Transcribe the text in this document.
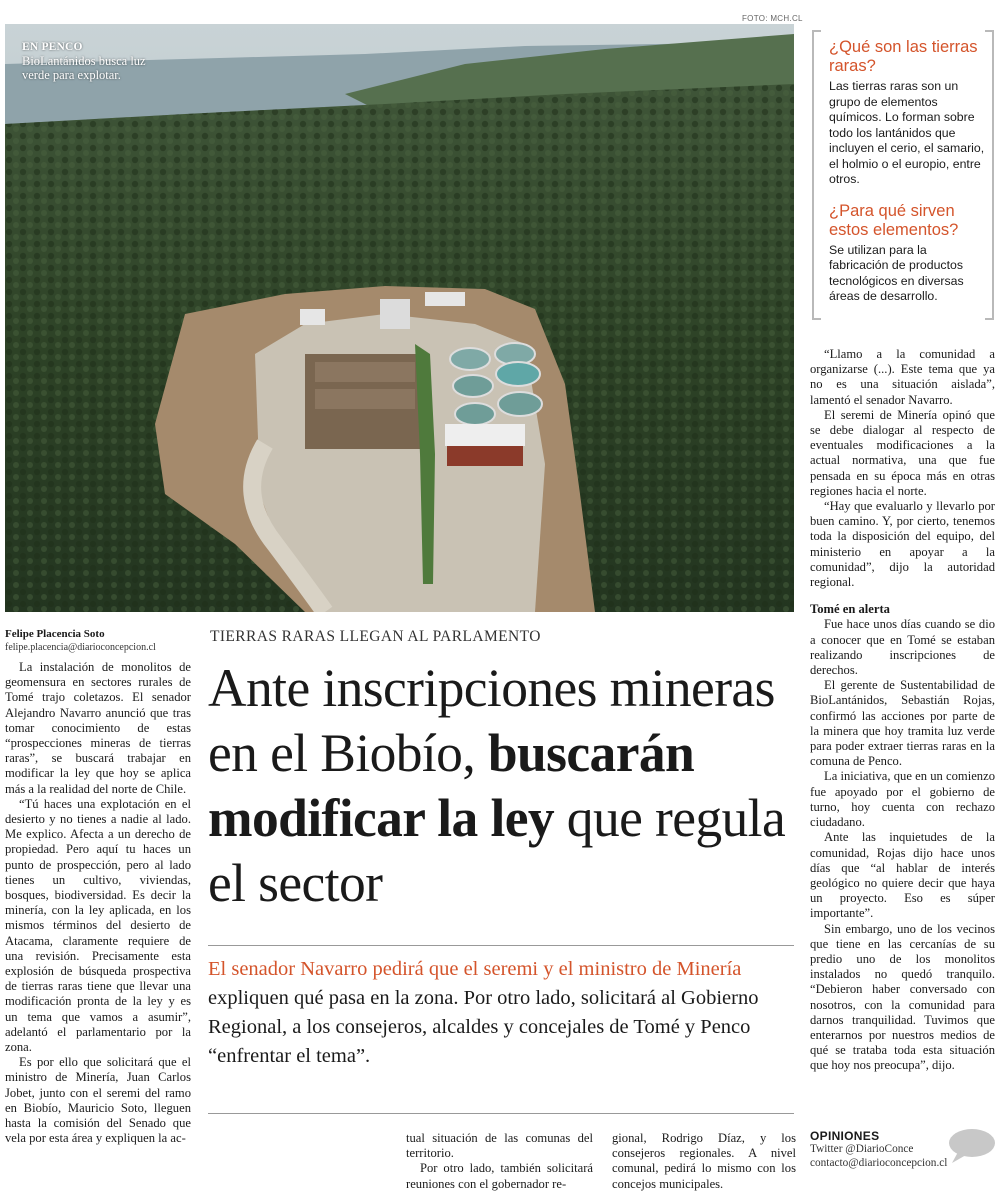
FOTO: MCH.CL
EN PENCO
BioLantánidos busca luz verde para explotar.
¿Qué son las tierras raras?

Las tierras raras son un grupo de elementos químicos. Lo forman sobre todo los lantánidos que incluyen el cerio, el samario, el holmio o el europio, entre otros.

¿Para qué sirven estos elementos?

Se utilizan para la fabricación de productos tecnológicos en diversas áreas de desarrollo.

Felipe Placencia Soto
felipe.placencia@diarioconcepcion.cl
TIERRAS RARAS LLEGAN AL PARLAMENTO
Ante inscripciones mineras en el Biobío, buscarán modificar la ley que regula el sector
El senador Navarro pedirá que el seremi y el ministro de Minería expliquen qué pasa en la zona. Por otro lado, solicitará al Gobierno Regional, a los consejeros, alcaldes y concejales de Tomé y Penco “enfrentar el tema”.

La instalación de monolitos de geomensura en sectores rurales de Tomé trajo coletazos. El senador Alejandro Navarro anunció que tras tomar conocimiento de estas “prospecciones mineras de tierras raras”, se buscará trabajar en modificar la ley que hoy se aplica más a la realidad del norte de Chile.

“Tú haces una explotación en el desierto y no tienes a nadie al lado. Me explico. Afecta a un derecho de propiedad. Pero aquí tu haces un punto de prospección, pero al lado tienes un cultivo, viviendas, bosques, biodiversidad. Es decir la minería, con la ley aplicada, en los mismos términos del desierto de Atacama, claramente requiere de una revisión. Precisamente esta explosión de búsqueda prospectiva de tierras raras tiene que llevar una modificación pronta de la ley y es un tema que vamos a asumir”, adelantó el parlamentario por la zona.

Es por ello que solicitará que el ministro de Minería, Juan Carlos Jobet, junto con el seremi del ramo en Biobío, Mauricio Soto, lleguen hasta la comisión del Senado que vela por esta área y expliquen la ac-	tual situación de las comunas del territorio.

Por otro lado, también solicitará reuniones con el gobernador re-

gional, Rodrigo Díaz, y los consejeros regionales. A nivel comunal, pedirá lo mismo con los concejos municipales.

“Llamo a la comunidad a organizarse (...). Este tema que ya no es una situación aislada”, lamentó el senador Navarro.

El seremi de Minería opinó que se debe dialogar al respecto de eventuales modificaciones a la actual normativa, una que fue pensada en su época más en otras regiones hacia el norte.

“Hay que evaluarlo y llevarlo por buen camino. Y, por cierto, tenemos toda la disposición del equipo, del ministerio en apoyar a la comunidad”, dijo la autoridad regional.

Tomé en alerta

Fue hace unos días cuando se dio a conocer que en Tomé se estaban realizando inscripciones de derechos.

El gerente de Sustentabilidad de BioLantánidos, Sebastián Rojas, confirmó las acciones por parte de la minera que hoy tramita luz verde para poder extraer tierras raras en la comuna de Penco.

La iniciativa, que en un comienzo fue apoyado por el gobierno de turno, hoy cuenta con rechazo ciudadano.

Ante las inquietudes de la comunidad, Rojas dijo hace unos días que “al hablar de interés geológico no quiere decir que haya un proyecto. Eso es súper importante”.

Sin embargo, uno de los vecinos que tiene en las cercanías de su predio uno de los monolitos instalados no quedó tranquilo. “Debieron haber conversado con nosotros, con la comunidad para darnos tranquilidad. Tuvimos que enterarnos por nuestros medios de qué se trataba toda esta situación que hoy nos preocupa”, dijo.

OPINIONES
Twitter @DiarioConce
contacto@diarioconcepcion.cl
